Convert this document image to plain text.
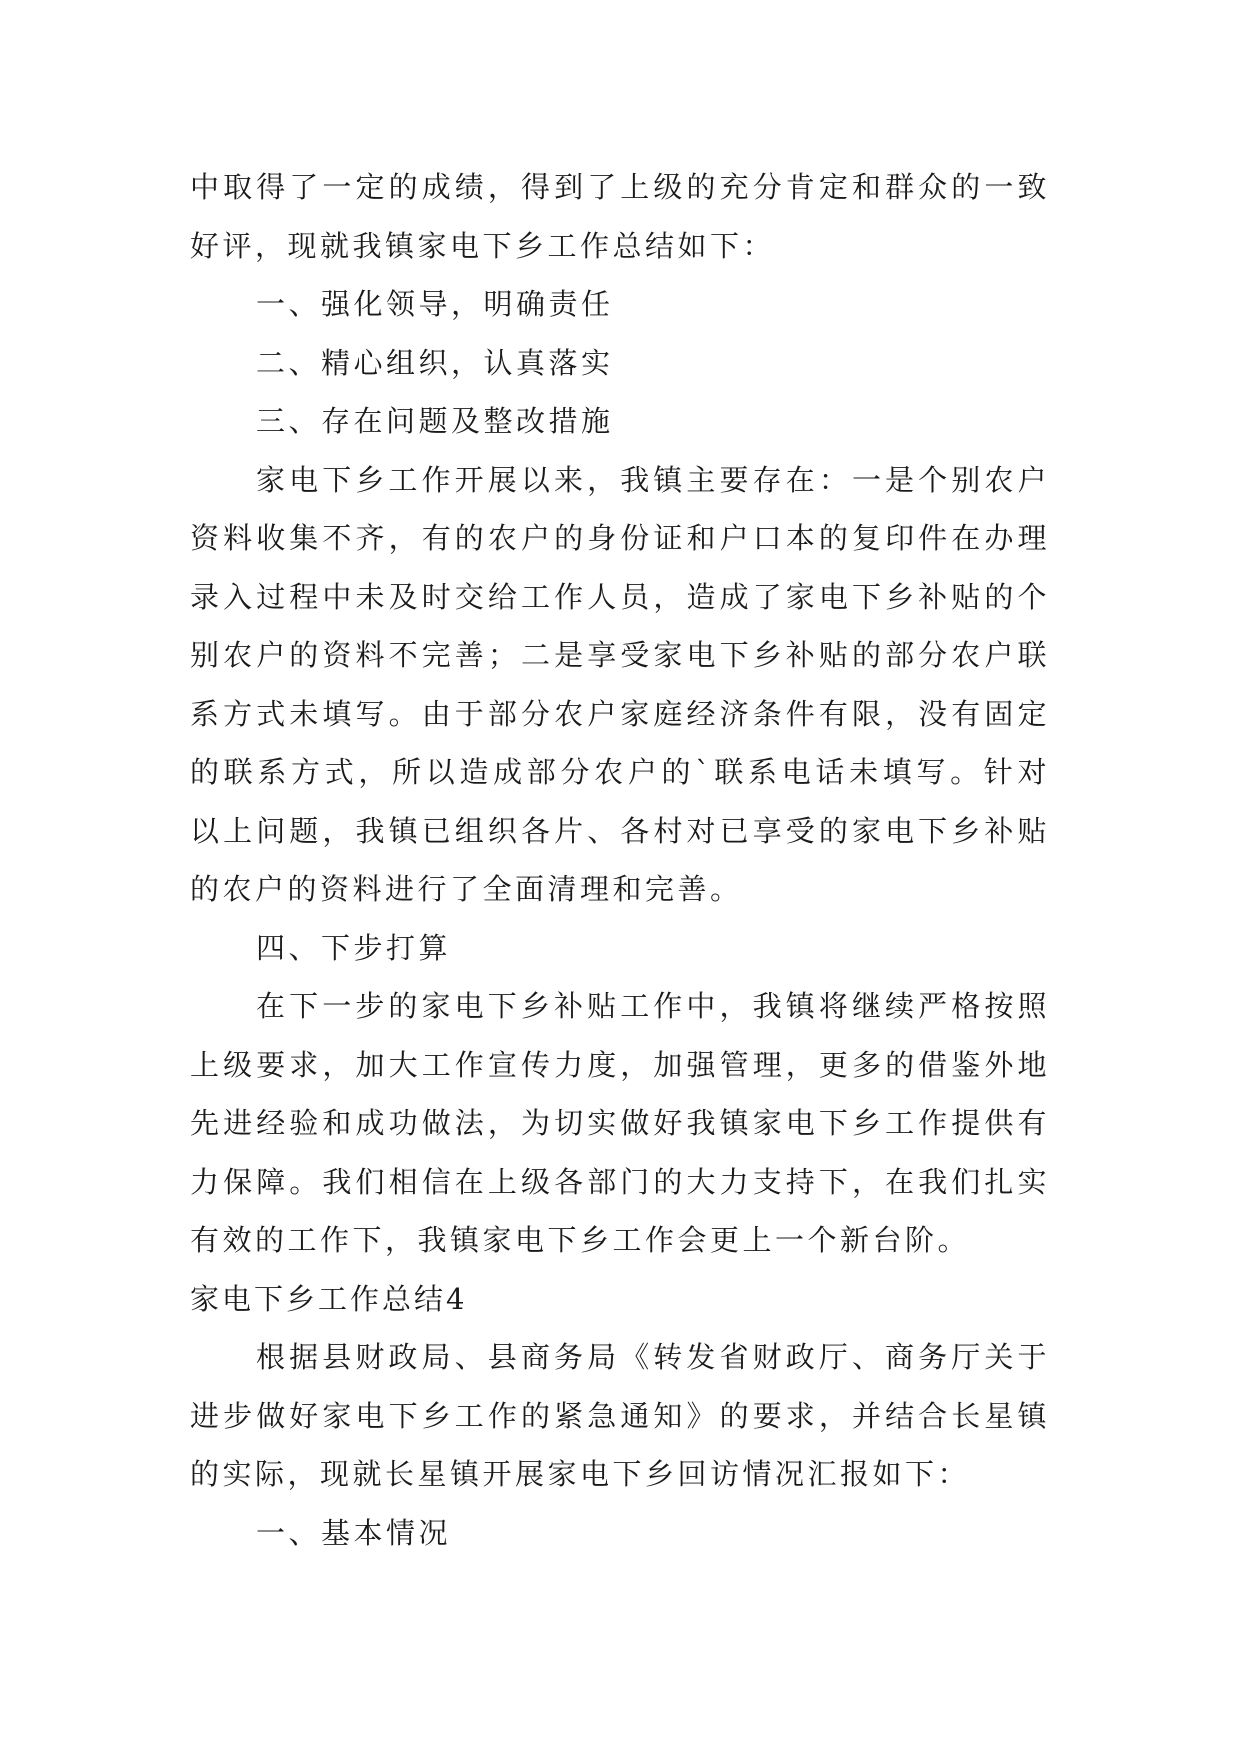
中取得了一定的成绩，得到了上级的充分肯定和群众的一致好评，现就我镇家电下乡工作总结如下：

一、强化领导，明确责任

二、精心组织，认真落实

三、存在问题及整改措施

家电下乡工作开展以来，我镇主要存在：一是个别农户资料收集不齐，有的农户的身份证和户口本的复印件在办理录入过程中未及时交给工作人员，造成了家电下乡补贴的个别农户的资料不完善；二是享受家电下乡补贴的部分农户联系方式未填写。由于部分农户家庭经济条件有限，没有固定的联系方式，所以造成部分农户的`联系电话未填写。针对以上问题，我镇已组织各片、各村对已享受的家电下乡补贴的农户的资料进行了全面清理和完善。

四、下步打算

在下一步的家电下乡补贴工作中，我镇将继续严格按照上级要求，加大工作宣传力度，加强管理，更多的借鉴外地先进经验和成功做法，为切实做好我镇家电下乡工作提供有力保障。我们相信在上级各部门的大力支持下，在我们扎实有效的工作下，我镇家电下乡工作会更上一个新台阶。

家电下乡工作总结4

根据县财政局、县商务局《转发省财政厅、商务厅关于进步做好家电下乡工作的紧急通知》的要求，并结合长星镇的实际，现就长星镇开展家电下乡回访情况汇报如下：

一、基本情况
